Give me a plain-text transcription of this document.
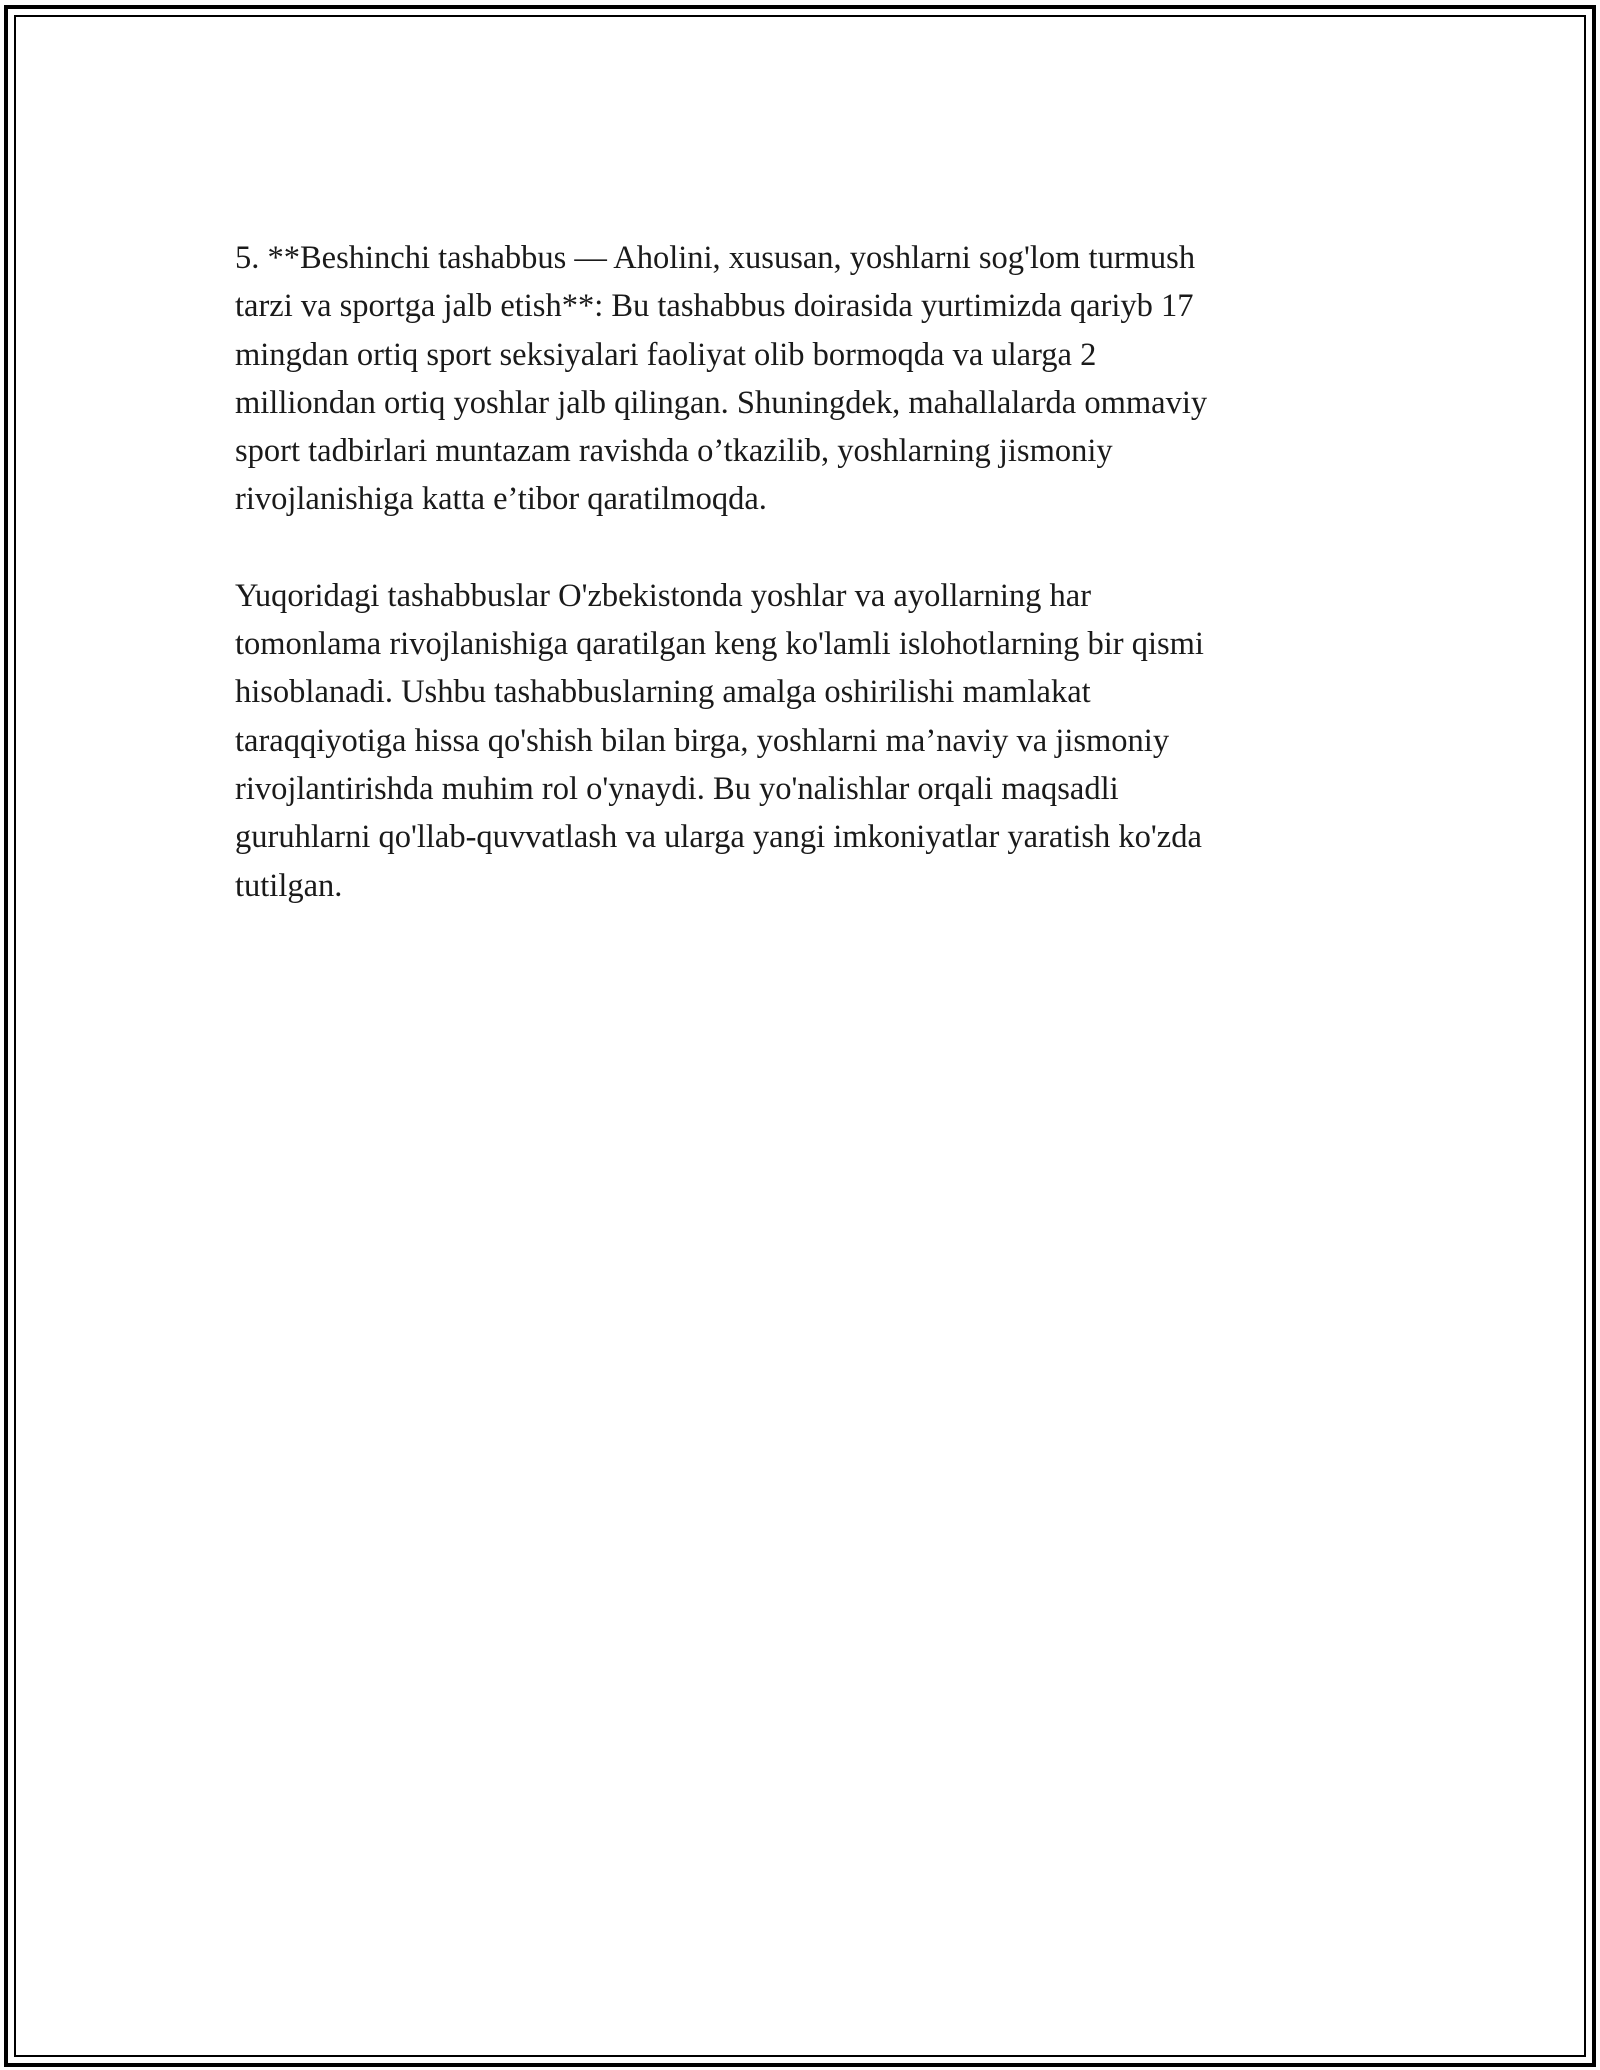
5. **Beshinchi tashabbus — Aholini, xususan, yoshlarni sog'lom turmush
tarzi va sportga jalb etish**: Bu tashabbus doirasida yurtimizda qariyb 17
mingdan ortiq sport seksiyalari faoliyat olib bormoqda va ularga 2
milliondan ortiq yoshlar jalb qilingan. Shuningdek, mahallalarda ommaviy
sport tadbirlari muntazam ravishda o’tkazilib, yoshlarning jismoniy
rivojlanishiga katta e’tibor qaratilmoqda.

Yuqoridagi tashabbuslar O'zbekistonda yoshlar va ayollarning har
tomonlama rivojlanishiga qaratilgan keng ko'lamli islohotlarning bir qismi
hisoblanadi. Ushbu tashabbuslarning amalga oshirilishi mamlakat
taraqqiyotiga hissa qo'shish bilan birga, yoshlarni ma’naviy va jismoniy
rivojlantirishda muhim rol o'ynaydi. Bu yo'nalishlar orqali maqsadli
guruhlarni qo'llab-quvvatlash va ularga yangi imkoniyatlar yaratish ko'zda
tutilgan.
